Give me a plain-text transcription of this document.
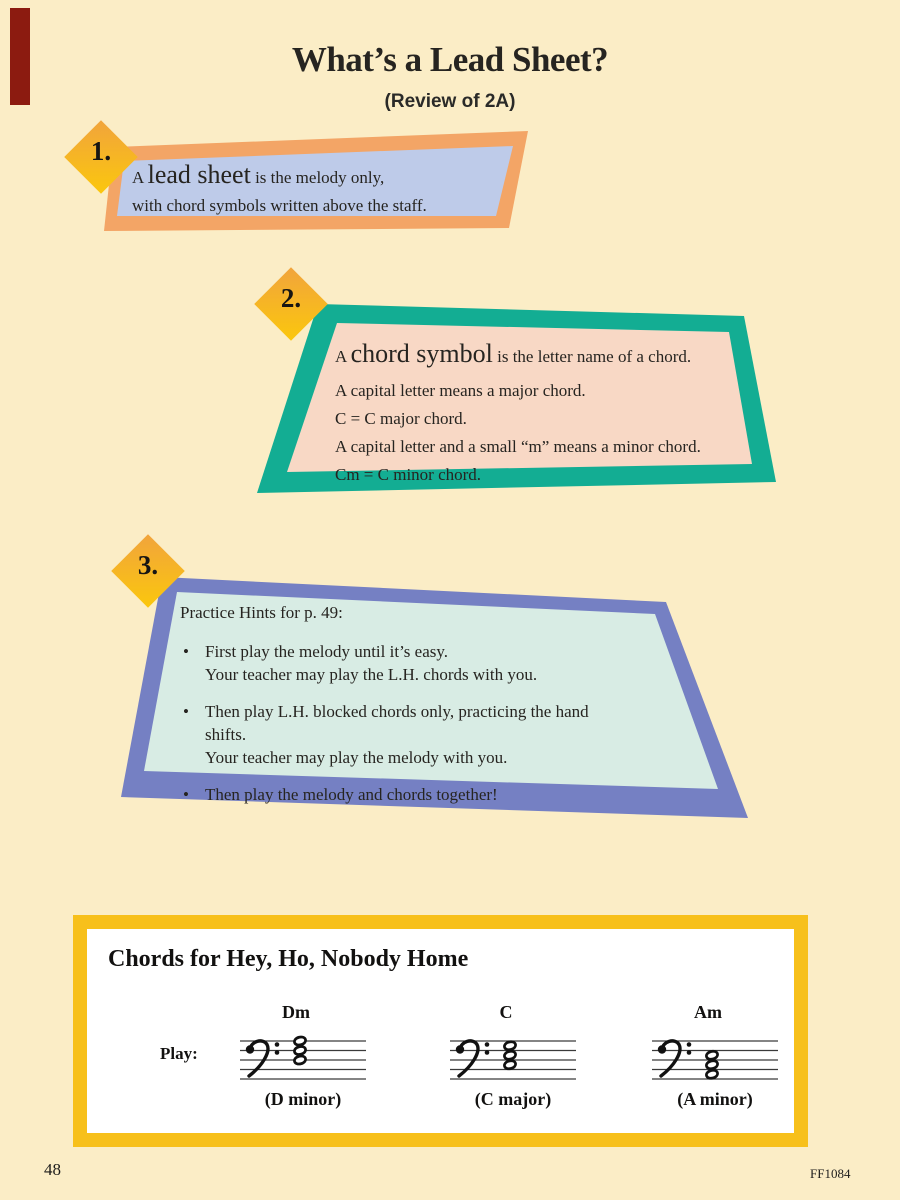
What’s a Lead Sheet?
(Review of 2A)
1.
2.
3.
A lead sheet is the melody only,
with chord symbols written above the staff.
A chord symbol is the letter name of a chord.
A capital letter means a major chord.
C = C major chord.
A capital letter and a small “m” means a minor chord.
Cm = C minor chord.
Practice Hints for p. 49:
• First play the melody until it’s easy.
Your teacher may play the L.H. chords with you.
• Then play L.H. blocked chords only, practicing the hand shifts.
Your teacher may play the melody with you.
• Then play the melody and chords together!
Chords for Hey, Ho, Nobody Home
Play:
Dm	C	Am
(D minor)	(C major)	(A minor)
48	FF1084
